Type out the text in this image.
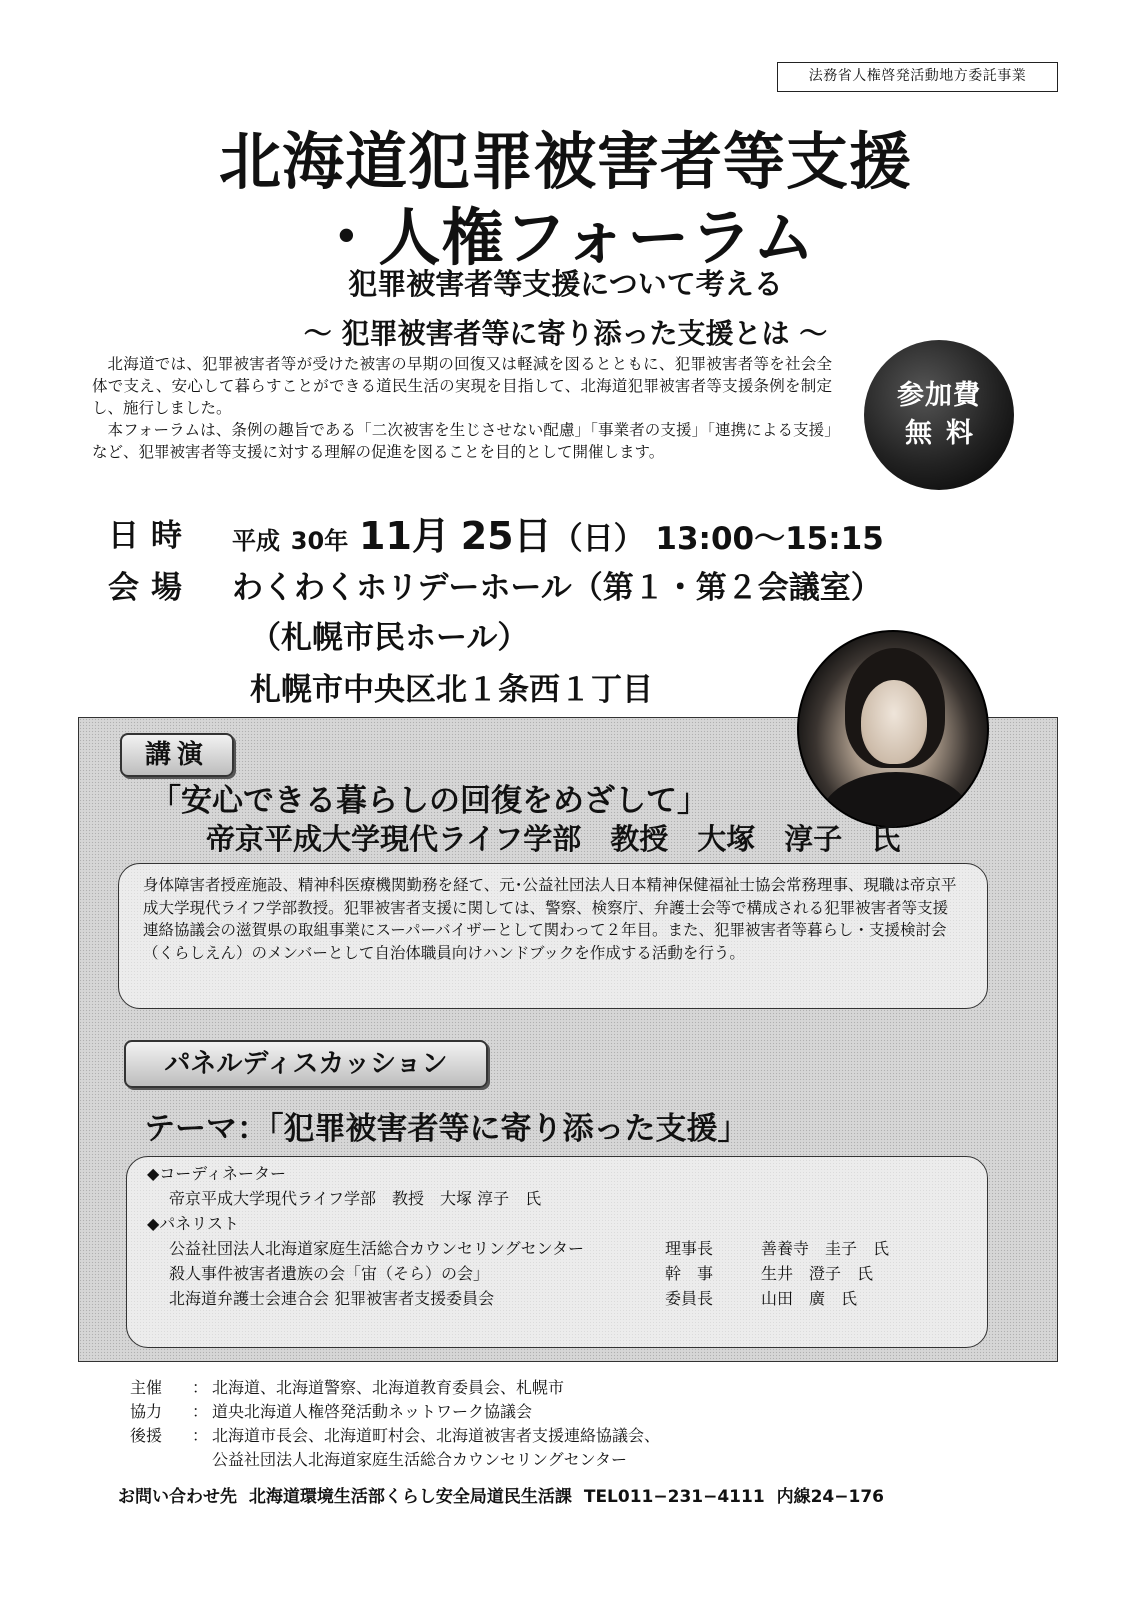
法務省人権啓発活動地方委託事業
北海道犯罪被害者等支援
・人権フォーラム
犯罪被害者等支援について考える
〜 犯罪被害者等に寄り添った支援とは 〜

北海道では、犯罪被害者等が受けた被害の早期の回復又は軽減を図るとともに、犯罪被害者等を社会全体で支え、安心して暮らすことができる道民生活の実現を目指して、北海道犯罪被害者等支援条例を制定し、施行しました。

本フォーラムは、条例の趣旨である「二次被害を生じさせない配慮」「事業者の支援」「連携による支援」など、犯罪被害者等支援に対する理解の促進を図ることを目的として開催します。

参加費
無料
日時 平成 30年 11月 25日（日） 13:00〜15:15
会場 わくわくホリデーホール（第１・第２会議室）
（札幌市民ホール）
札幌市中央区北１条西１丁目
講演
「安心できる暮らしの回復をめざして」
帝京平成大学現代ライフ学部　教授　大塚　淳子　氏
身体障害者授産施設、精神科医療機関勤務を経て、元･公益社団法人日本精神保健福祉士協会常務理事、現職は帝京平成大学現代ライフ学部教授。犯罪被害者支援に関しては、警察、検察庁、弁護士会等で構成される犯罪被害者等支援連絡協議会の滋賀県の取組事業にスーパーバイザーとして関わって２年目。また、犯罪被害者等暮らし・支援検討会（くらしえん）のメンバーとして自治体職員向けハンドブックを作成する活動を行う。
パネルディスカッション
テーマ：「犯罪被害者等に寄り添った支援」
◆コーディネーター
帝京平成大学現代ライフ学部　教授　大塚 淳子　氏
◆パネリスト
公益社団法人北海道家庭生活総合カウンセリングセンター	理事長	善養寺　圭子　氏
殺人事件被害者遺族の会「宙（そら）の会」	幹　事	生井　澄子　氏
北海道弁護士会連合会 犯罪被害者支援委員会	委員長	山田　廣　氏
主催	： 北海道、北海道警察、北海道教育委員会、札幌市
協力	： 道央北海道人権啓発活動ネットワーク協議会
後援	： 北海道市長会、北海道町村会、北海道被害者支援連絡協議会、
公益社団法人北海道家庭生活総合カウンセリングセンター
お問い合わせ先 北海道環境生活部くらし安全局道民生活課 TEL011−231−4111 内線24−176
